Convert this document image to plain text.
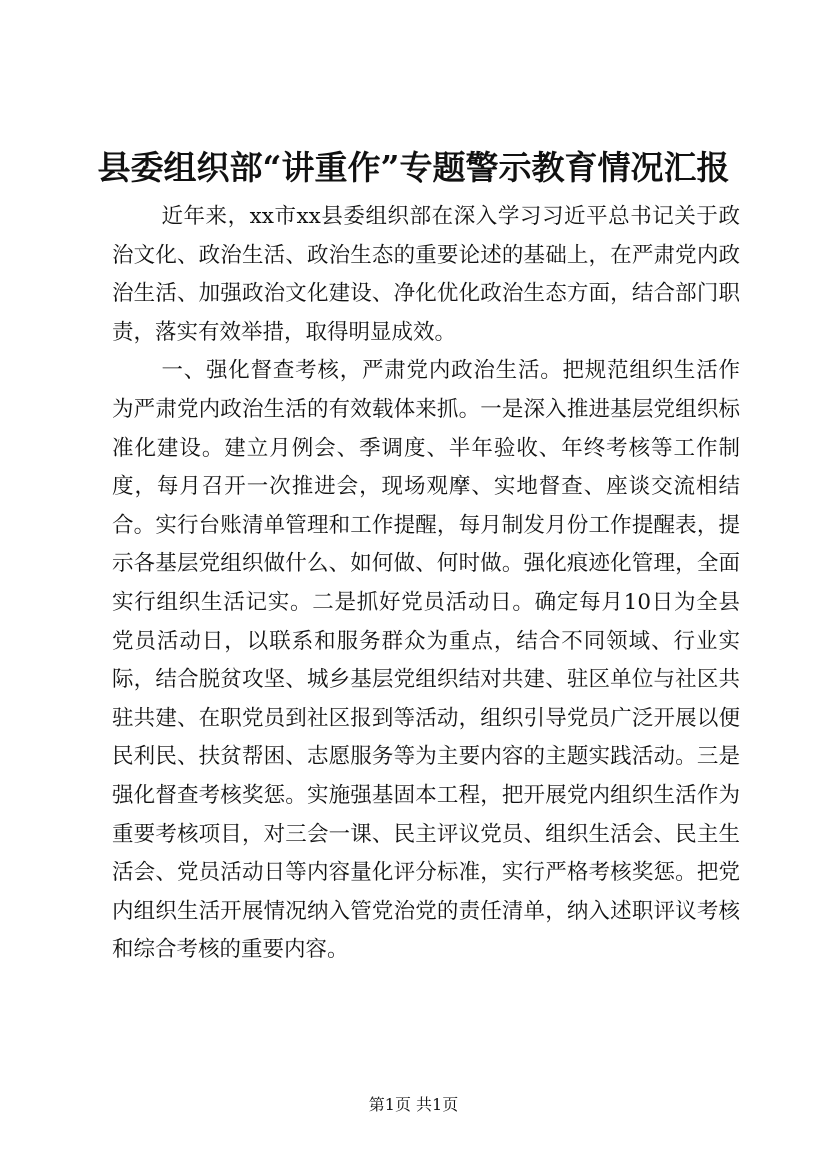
县委组织部“讲重作”专题警示教育情况汇报

近年来，xx市xx县委组织部在深入学习习近平总书记关于政治文化、政治生活、政治生态的重要论述的基础上，在严肃党内政治生活、加强政治文化建设、净化优化政治生态方面，结合部门职责，落实有效举措，取得明显成效。

一、强化督查考核，严肃党内政治生活。把规范组织生活作为严肃党内政治生活的有效载体来抓。一是深入推进基层党组织标准化建设。建立月例会、季调度、半年验收、年终考核等工作制度，每月召开一次推进会，现场观摩、实地督查、座谈交流相结合。实行台账清单管理和工作提醒，每月制发月份工作提醒表，提示各基层党组织做什么、如何做、何时做。强化痕迹化管理，全面实行组织生活记实。二是抓好党员活动日。确定每月10日为全县党员活动日，以联系和服务群众为重点，结合不同领域、行业实际，结合脱贫攻坚、城乡基层党组织结对共建、驻区单位与社区共驻共建、在职党员到社区报到等活动，组织引导党员广泛开展以便民利民、扶贫帮困、志愿服务等为主要内容的主题实践活动。三是强化督查考核奖惩。实施强基固本工程，把开展党内组织生活作为重要考核项目，对三会一课、民主评议党员、组织生活会、民主生活会、党员活动日等内容量化评分标准，实行严格考核奖惩。把党内组织生活开展情况纳入管党治党的责任清单，纳入述职评议考核和综合考核的重要内容。

第1页 共1页
